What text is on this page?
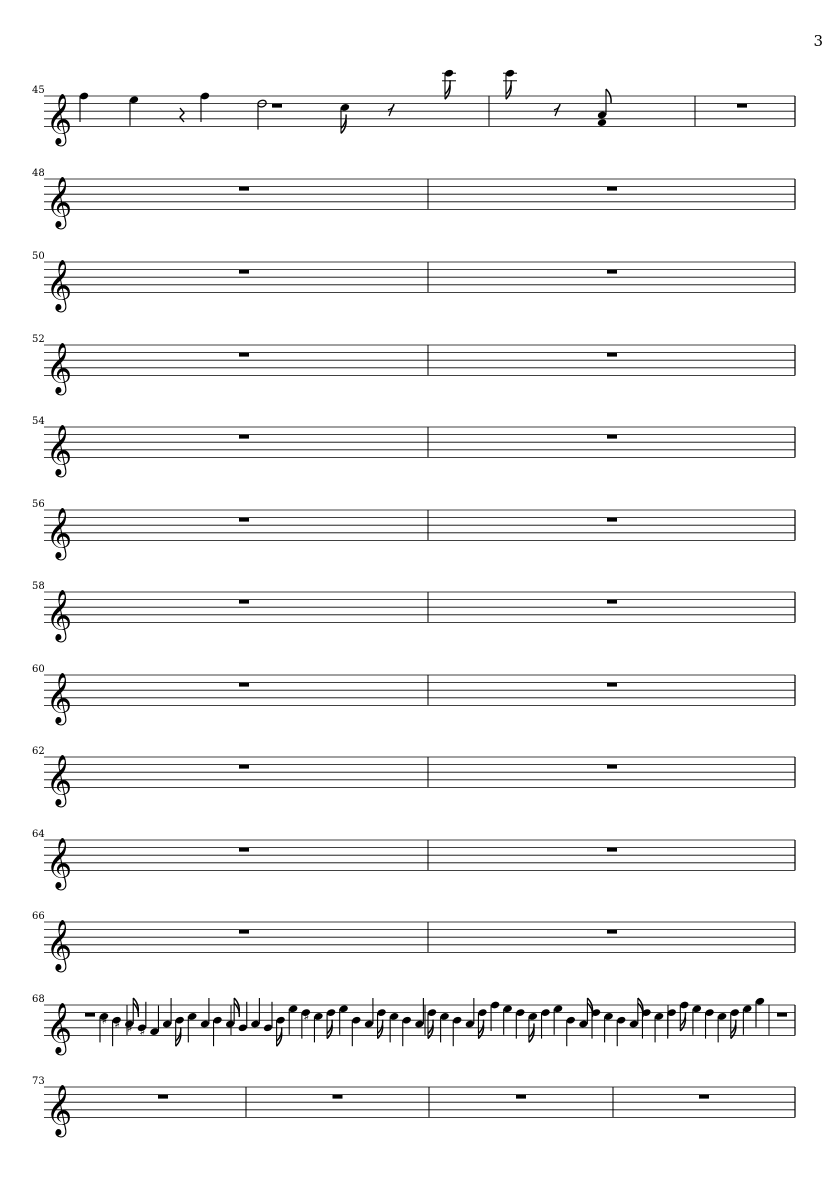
3
45
𝄞
48
𝄞
50
𝄞
52
𝄞
54
𝄞
56
𝄞
58
𝄞
60
𝄞
62
𝄞
64
𝄞
66
𝄞
68
𝄞 ♯ ♯ ♯ ♯
♯
73
𝄞
